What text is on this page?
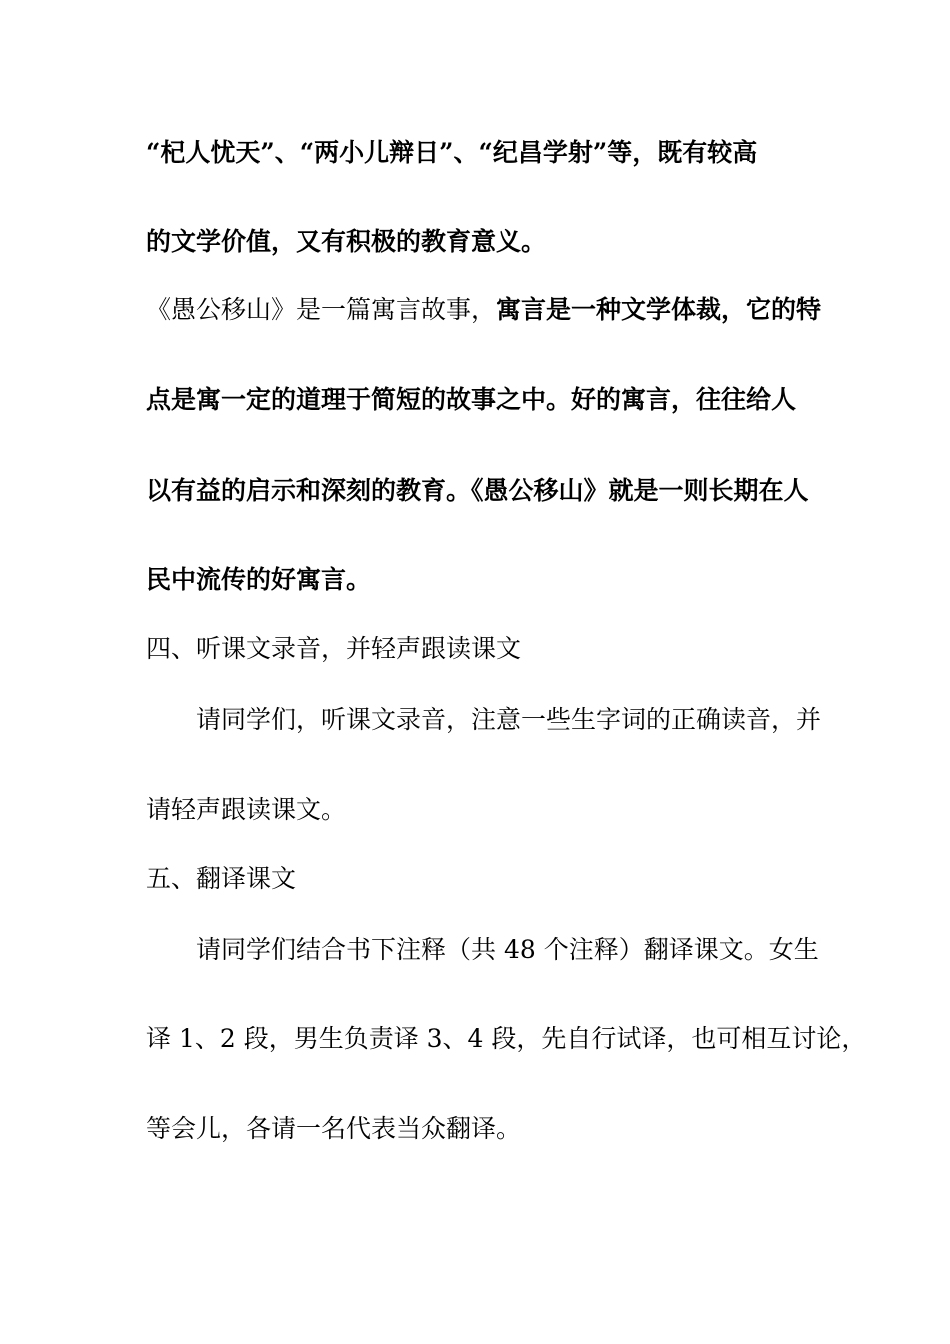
“杞人忧天”、“两小儿辩日”、“纪昌学射”等，既有较高
的文学价值，又有积极的教育意义。
《愚公移山》是一篇寓言故事，寓言是一种文学体裁，它的特
点是寓一定的道理于简短的故事之中。好的寓言，往往给人
以有益的启示和深刻的教育。《愚公移山》就是一则长期在人
民中流传的好寓言。
四、听课文录音，并轻声跟读课文
请同学们，听课文录音，注意一些生字词的正确读音，并
请轻声跟读课文。
五、翻译课文
请同学们结合书下注释（共 48 个注释）翻译课文。女生
译 1、2 段，男生负责译 3、4 段，先自行试译，也可相互讨论，
等会儿，各请一名代表当众翻译。
